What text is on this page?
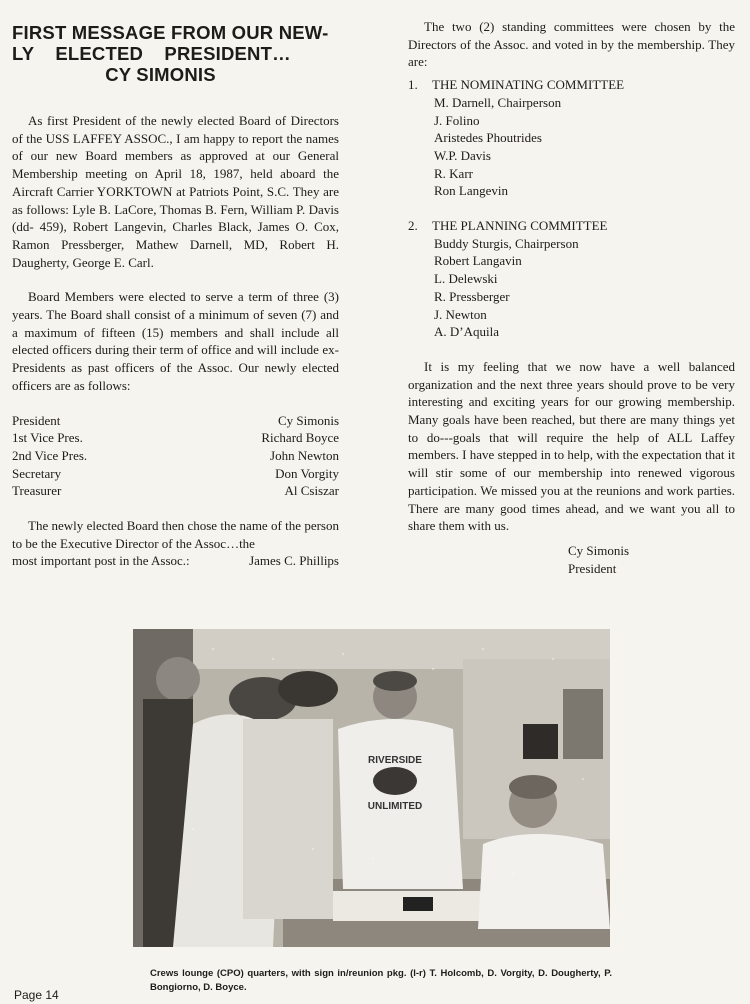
FIRST MESSAGE FROM OUR NEW-
LY ELECTED PRESIDENT…
CY SIMONIS

As first President of the newly elected Board of Directors of the USS LAFFEY ASSOC., I am happy to report the names of our new Board members as approved at our General Membership meeting on April 18, 1987, held aboard the Aircraft Carrier YORKTOWN at Patriots Point, S.C. They are as follows: Lyle B. LaCore, Thomas B. Fern, William P. Davis (dd- 459), Robert Langevin, Charles Black, James O. Cox, Ramon Pressberger, Mathew Darnell, MD, Robert H. Daugherty, George E. Carl.

Board Members were elected to serve a term of three (3) years. The Board shall consist of a minimum of seven (7) and a maximum of fifteen (15) members and shall include all elected officers during their term of office and will include ex-Presidents as past officers of the Assoc. Our newly elected officers are as follows:

President	Cy Simonis
1st Vice Pres.	Richard Boyce
2nd Vice Pres.	John Newton
Secretary	Don Vorgity
Treasurer	Al Csiszar

The newly elected Board then chose the name of the person to be the Executive Director of the Assoc…the

most important post in the Assoc.:	James C. Phillips

The two (2) standing committees were chosen by the Directors of the Assoc. and voted in by the membership. They are:

1.	THE NOMINATING COMMITTEE
M. Darnell, Chairperson
J. Folino
Aristedes Phoutrides
W.P. Davis
R. Karr
Ron Langevin
2.	THE PLANNING COMMITTEE
Buddy Sturgis, Chairperson
Robert Langavin
L. Delewski
R. Pressberger
J. Newton
A. D’Aquila

It is my feeling that we now have a well balanced organization and the next three years should prove to be very interesting and exciting years for our growing membership. Many goals have been reached, but there are many things yet to do---goals that will require the help of ALL Laffey members. I have stepped in to help, with the expectation that it will stir some of our membership into renewed vigorous participation. We missed you at the reunions and work parties. There are many good times ahead, and we want you all to share them with us.

Cy Simonis
President
RIVERSIDE
UNLIMITED
Crews lounge (CPO) quarters, with sign in/reunion pkg. (l-r) T. Holcomb, D. Vorgity, D. Dougherty, P. Bongiorno, D. Boyce.
Page 14
